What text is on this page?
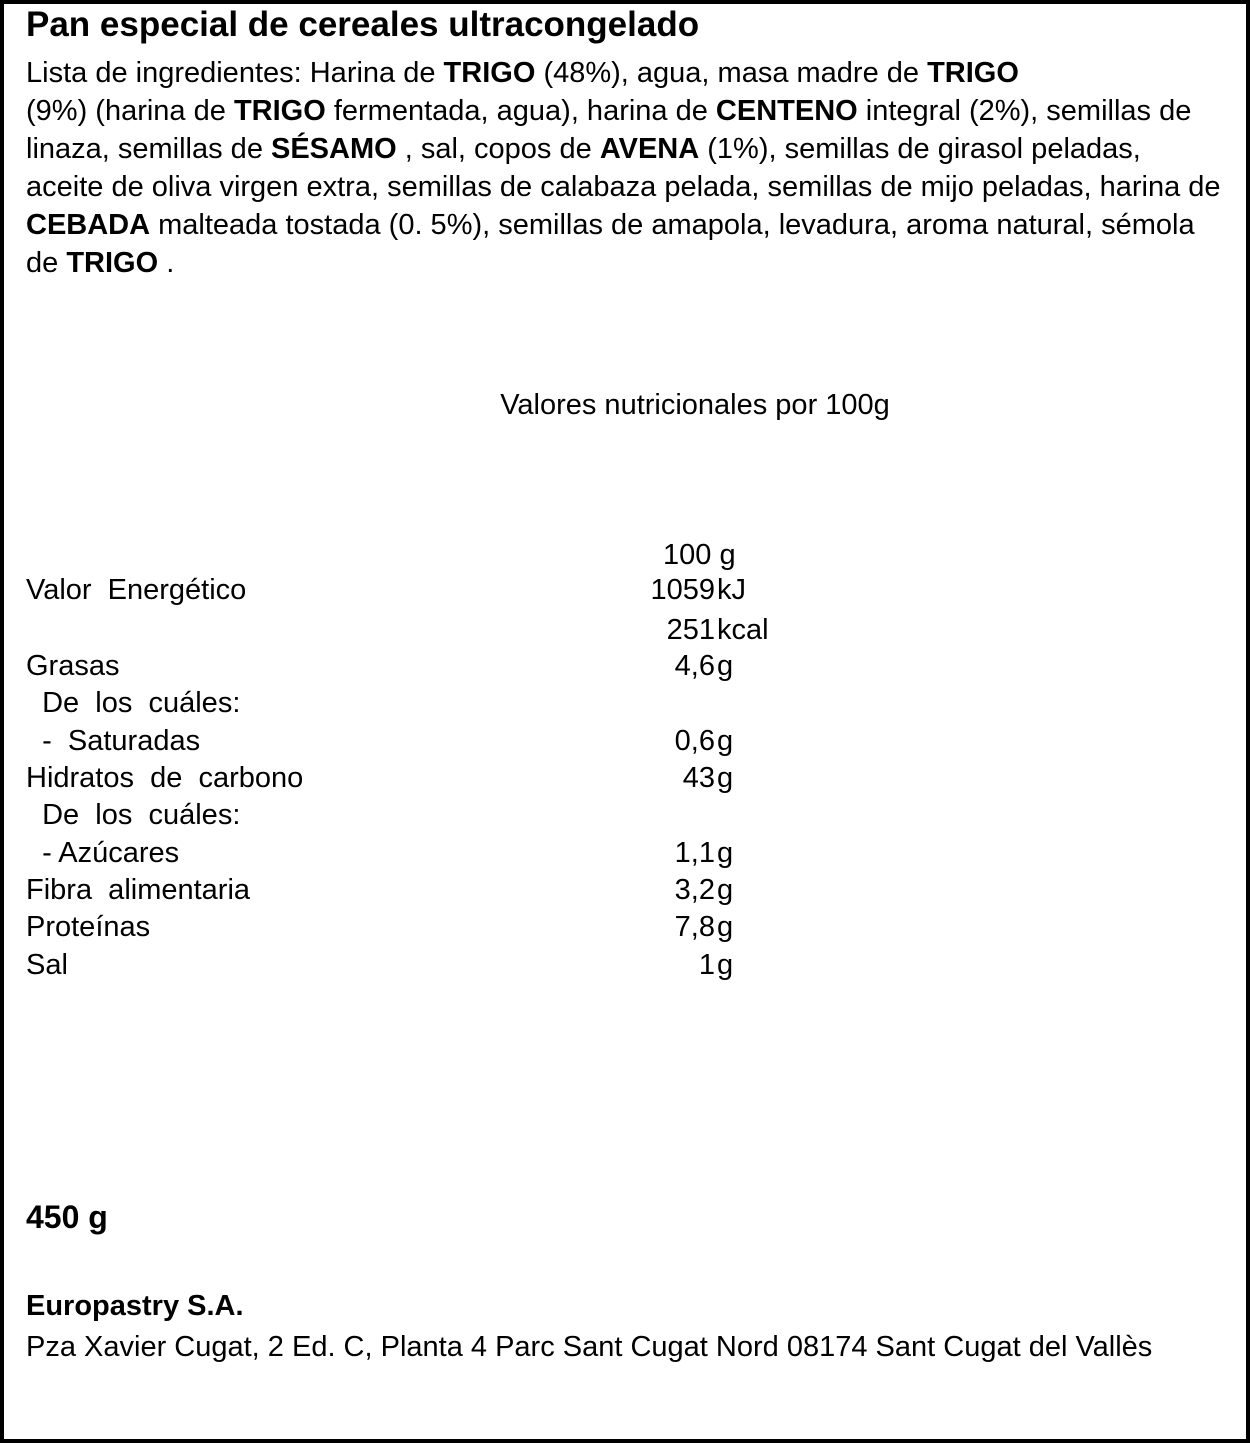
Pan especial de cereales ultracongelado
Lista de ingredientes: Harina de TRIGO (48%), agua, masa madre de TRIGO
(9%) (harina de TRIGO fermentada, agua), harina de CENTENO integral (2%), semillas de linaza, semillas de SÉSAMO , sal, copos de AVENA (1%), semillas de girasol peladas, aceite de oliva virgen extra, semillas de calabaza pelada, semillas de mijo peladas, harina de CEBADA malteada tostada (0. 5%), semillas de amapola, levadura, aroma natural, sémola de TRIGO .
Valores nutricionales por 100g
100 g
Valor  Energético	1059 kJ
251 kcal
Grasas	4,6 g
De  los  cuáles:
-  Saturadas	0,6 g
Hidratos  de  carbono	43 g
De  los  cuáles:
- Azúcares	1,1 g
Fibra  alimentaria	3,2 g
Proteínas	7,8 g
Sal	1 g
450 g
Europastry S.A.
Pza Xavier Cugat, 2 Ed. C, Planta 4 Parc Sant Cugat Nord 08174 Sant Cugat del Vallès
